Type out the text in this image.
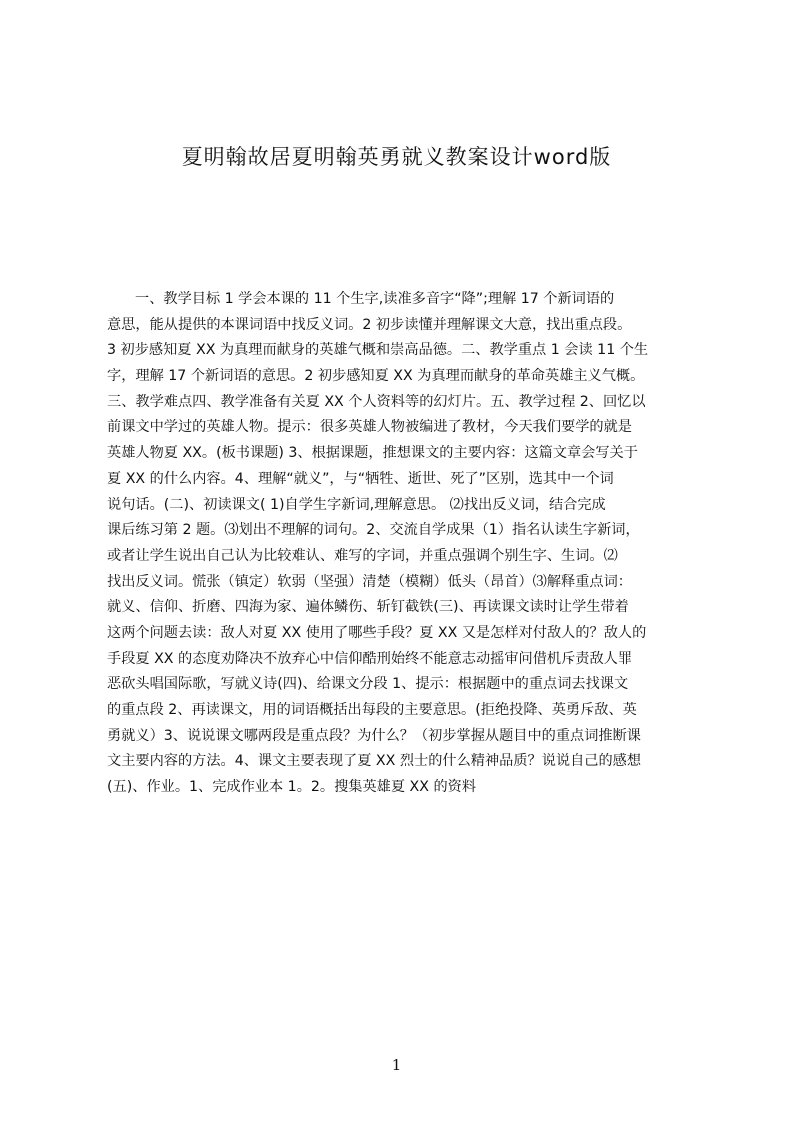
夏明翰故居夏明翰英勇就义教案设计word版
一、教学目标 1 学会本课的 11 个生字,读准多音字“降”;理解 17 个新词语的
意思，能从提供的本课词语中找反义词。2 初步读懂并理解课文大意，找出重点段。
3 初步感知夏 XX 为真理而献身的英雄气概和崇高品德。二、教学重点 1 会读 11 个生
字，理解 17 个新词语的意思。2 初步感知夏 XX 为真理而献身的革命英雄主义气概。
三、教学难点四、教学准备有关夏 XX 个人资料等的幻灯片。五、教学过程 2、回忆以
前课文中学过的英雄人物。提示：很多英雄人物被编进了教材，今天我们要学的就是
英雄人物夏 XX。(板书课题) 3、根据课题，推想课文的主要内容：这篇文章会写关于
夏 XX 的什么内容。4、理解“就义”，与“牺牲、逝世、死了”区别，选其中一个词
说句话。(二)、初读课文( 1)自学生字新词,理解意思。 ⑵找出反义词，结合完成
课后练习第 2 题。⑶划出不理解的词句。2、交流自学成果（1）指名认读生字新词，
或者让学生说出自己认为比较难认、难写的字词，并重点强调个别生字、生词。⑵
找出反义词。慌张（镇定）软弱（坚强）清楚（模糊）低头（昂首）⑶解释重点词：
就义、信仰、折磨、四海为家、遍体鳞伤、斩钉截铁(三)、再读课文读时让学生带着
这两个问题去读：敌人对夏 XX 使用了哪些手段？夏 XX 又是怎样对付敌人的？敌人的
手段夏 XX 的态度劝降决不放弃心中信仰酷刑始终不能意志动摇审问借机斥责敌人罪
恶砍头唱国际歌，写就义诗(四)、给课文分段 1、提示：根据题中的重点词去找课文
的重点段 2、再读课文，用的词语概括出每段的主要意思。(拒绝投降、英勇斥敌、英
勇就义）3、说说课文哪两段是重点段？为什么？（初步掌握从题目中的重点词推断课
文主要内容的方法。4、课文主要表现了夏 XX 烈士的什么精神品质？说说自己的感想
(五)、作业。1、完成作业本 1。2。搜集英雄夏 XX 的资料
1
